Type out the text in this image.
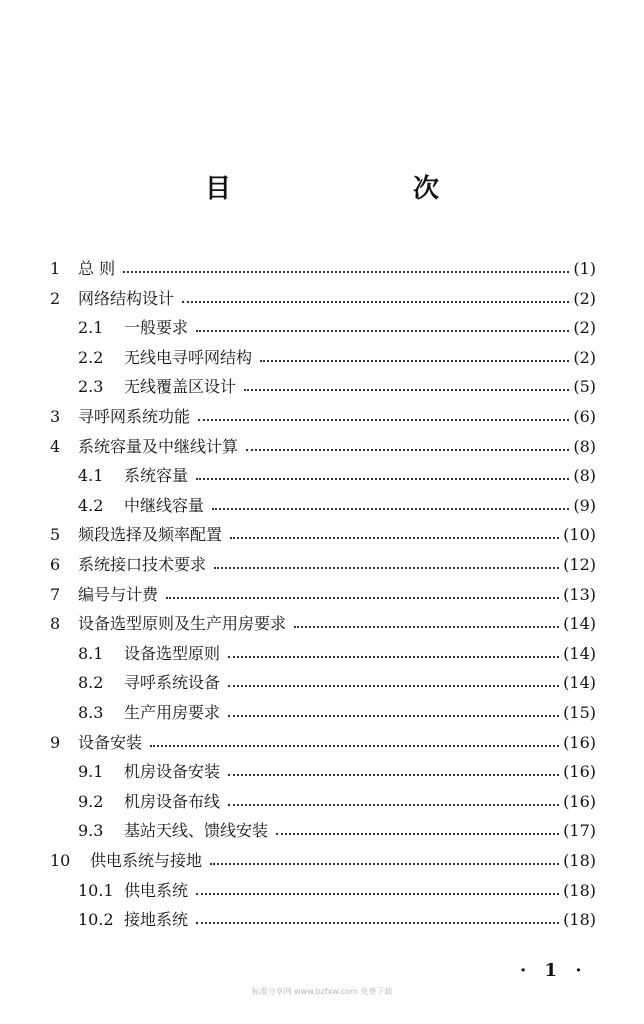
目　次
1	总 则	(1)
2	网络结构设计	(2)
2.1	一般要求	(2)
2.2	无线电寻呼网结构	(2)
2.3	无线覆盖区设计	(5)
3	寻呼网系统功能	(6)
4	系统容量及中继线计算	(8)
4.1	系统容量	(8)
4.2	中继线容量	(9)
5	频段选择及频率配置	(10)
6	系统接口技术要求	(12)
7	编号与计费	(13)
8	设备选型原则及生产用房要求	(14)
8.1	设备选型原则	(14)
8.2	寻呼系统设备	(14)
8.3	生产用房要求	(15)
9	设备安装	(16)
9.1	机房设备安装	(16)
9.2	机房设备布线	(16)
9.3	基站天线、馈线安装	(17)
10	供电系统与接地	(18)
10.1 供电系统	(18)
10.2 接地系统	(18)
· 1 ·
标准分享网 www.bzfxw.com 免费下载
